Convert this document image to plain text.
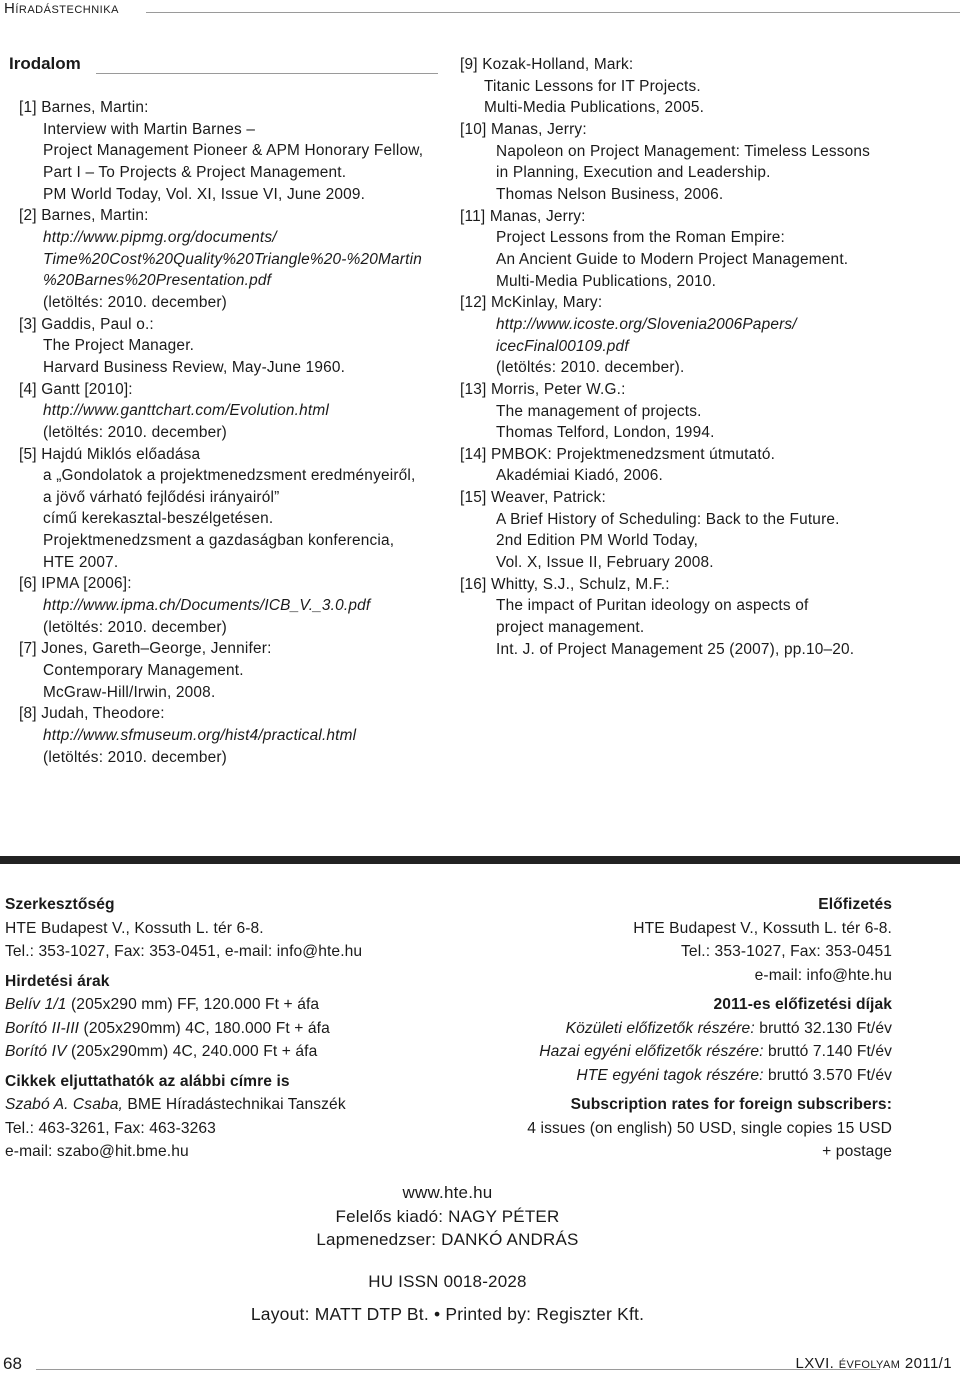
Híradástechnika
Irodalom
[1] Barnes, Martin:
Interview with Martin Barnes –
Project Management Pioneer & APM Honorary Fellow,
Part I – To Projects & Project Management.
PM World Today, Vol. XI, Issue VI, June 2009.
[2] Barnes, Martin:
http://www.pipmg.org/documents/
Time%20Cost%20Quality%20Triangle%20-%20Martin
%20Barnes%20Presentation.pdf
(letöltés: 2010. december)
[3] Gaddis, Paul o.:
The Project Manager.
Harvard Business Review, May-June 1960.
[4] Gantt [2010]:
http://www.ganttchart.com/Evolution.html
(letöltés: 2010. december)
[5] Hajdú Miklós előadása
a „Gondolatok a projektmenedzsment eredményeiről,
a jövő várható fejlődési irányairól”
című kerekasztal-beszélgetésen.
Projektmenedzsment a gazdaságban konferencia,
HTE 2007.
[6] IPMA [2006]:
http://www.ipma.ch/Documents/ICB_V._3.0.pdf
(letöltés: 2010. december)
[7] Jones, Gareth–George, Jennifer:
Contemporary Management.
McGraw-Hill/Irwin, 2008.
[8] Judah, Theodore:
http://www.sfmuseum.org/hist4/practical.html
(letöltés: 2010. december)
[9] Kozak-Holland, Mark:
Titanic Lessons for IT Projects.
Multi-Media Publications, 2005.
[10] Manas, Jerry:
Napoleon on Project Management: Timeless Lessons
in Planning, Execution and Leadership.
Thomas Nelson Business, 2006.
[11] Manas, Jerry:
Project Lessons from the Roman Empire:
An Ancient Guide to Modern Project Management.
Multi-Media Publications, 2010.
[12] McKinlay, Mary:
http://www.icoste.org/Slovenia2006Papers/
icecFinal00109.pdf
(letöltés: 2010. december).
[13] Morris, Peter W.G.:
The management of projects.
Thomas Telford, London, 1994.
[14] PMBOK: Projektmenedzsment útmutató.
Akadémiai Kiadó, 2006.
[15] Weaver, Patrick:
A Brief History of Scheduling: Back to the Future.
2nd Edition PM World Today,
Vol. X, Issue II, February 2008.
[16] Whitty, S.J., Schulz, M.F.:
The impact of Puritan ideology on aspects of
project management.
Int. J. of Project Management 25 (2007), pp.10–20.
Szerkesztőség
HTE Budapest V., Kossuth L. tér 6-8.
Tel.: 353-1027, Fax: 353-0451, e-mail: info@hte.hu
Hirdetési árak
Belív 1/1 (205x290 mm) FF, 120.000 Ft + áfa
Borító II-III (205x290mm) 4C, 180.000 Ft + áfa
Borító IV (205x290mm) 4C, 240.000 Ft + áfa
Cikkek eljuttathatók az alábbi címre is
Szabó A. Csaba, BME Híradástechnikai Tanszék
Tel.: 463-3261, Fax: 463-3263
e-mail: szabo@hit.bme.hu
Előfizetés
HTE Budapest V., Kossuth L. tér 6-8.
Tel.: 353-1027, Fax: 353-0451
e-mail: info@hte.hu
2011-es előfizetési díjak
Közületi előfizetők részére: bruttó 32.130 Ft/év
Hazai egyéni előfizetők részére: bruttó 7.140 Ft/év
HTE egyéni tagok részére: bruttó 3.570 Ft/év
Subscription rates for foreign subscribers:
4 issues (on english) 50 USD, single copies 15 USD
+ postage
www.hte.hu
Felelős kiadó: NAGY PÉTER
Lapmenedzser: DANKÓ ANDRÁS
HU ISSN 0018-2028
Layout: MATT DTP Bt. • Printed by: Regiszter Kft.
68	LXVI. évfolyam 2011/1
